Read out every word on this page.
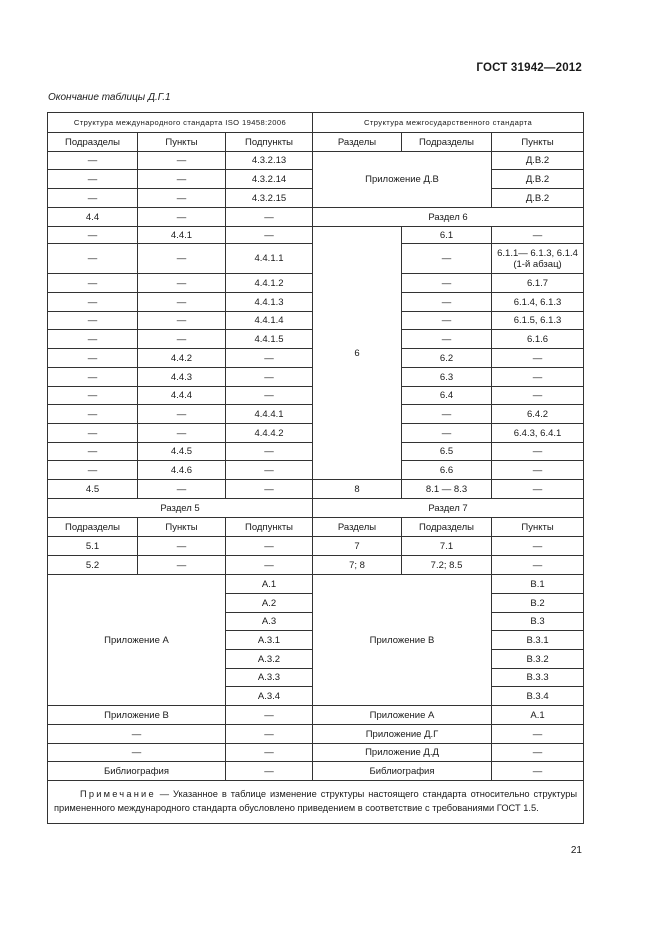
ГОСТ 31942—2012
Окончание таблицы Д.Г.1
Структура международного стандарта ISO 19458:2006			Структура межгосударственного стандарта		
Подразделы	Пункты	Подпункты	Разделы	Подразделы	Пункты
—	—	4.3.2.13	Приложение Д.В		Д.В.2
—	—	4.3.2.14			Д.В.2
—	—	4.3.2.15			Д.В.2
4.4	—	—	Раздел 6		
—	4.4.1	—	6	6.1	—
—	—	4.4.1.1		—	6.1.1— 6.1.3, 6.1.4 (1-й абзац)
—	—	4.4.1.2		—	6.1.7
—	—	4.4.1.3		—	6.1.4, 6.1.3
—	—	4.4.1.4		—	6.1.5, 6.1.3
—	—	4.4.1.5		—	6.1.6
—	4.4.2	—		6.2	—
—	4.4.3	—		6.3	—
—	4.4.4	—		6.4	—
—	—	4.4.4.1		—	6.4.2
—	—	4.4.4.2		—	6.4.3, 6.4.1
—	4.4.5	—		6.5	—
—	4.4.6	—		6.6	—
4.5	—	—	8	8.1 — 8.3	—
Раздел 5			Раздел 7		
Подразделы	Пункты	Подпункты	Разделы	Подразделы	Пункты
5.1	—	—	7	7.1	—
5.2	—	—	7; 8	7.2; 8.5	—
Приложение А		А.1	Приложение В		В.1
		А.2			В.2
		А.3			В.3
		А.3.1			В.3.1
		А.3.2			В.3.2
		А.3.3			В.3.3
		А.3.4			В.3.4
Приложение В		—	Приложение А		А.1
—		—	Приложение Д.Г		—
—		—	Приложение Д.Д		—
Библиография		—	Библиография		—
Примечание — Указанное в таблице изменение структуры настоящего стандарта относительно структуры примененного международного стандарта обусловлено приведением в соответствие с требованиями ГОСТ 1.5.					
21
